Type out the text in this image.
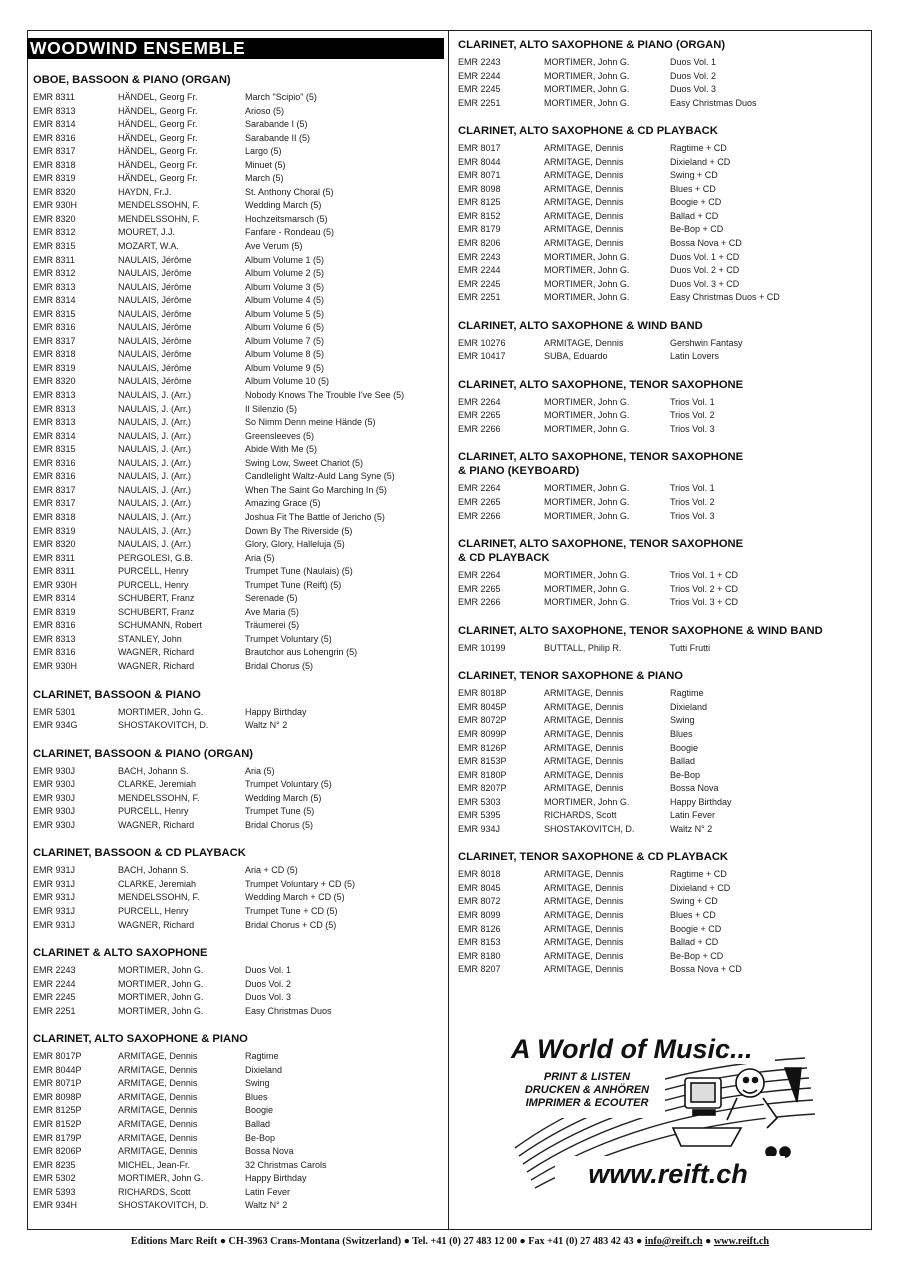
WOODWIND ENSEMBLE
OBOE, BASSOON & PIANO (ORGAN)
EMR 8311	HÄNDEL, Georg Fr.	March "Scipio" (5)
EMR 8313	HÄNDEL, Georg Fr.	Arioso (5)
EMR 8314	HÄNDEL, Georg Fr.	Sarabande I (5)
EMR 8316	HÄNDEL, Georg Fr.	Sarabande II (5)
EMR 8317	HÄNDEL, Georg Fr.	Largo (5)
EMR 8318	HÄNDEL, Georg Fr.	Minuet (5)
EMR 8319	HÄNDEL, Georg Fr.	March (5)
EMR 8320	HAYDN, Fr.J.	St. Anthony Choral (5)
EMR 930H	MENDELSSOHN, F.	Wedding March (5)
EMR 8320	MENDELSSOHN, F.	Hochzeitsmarsch (5)
EMR 8312	MOURET, J.J.	Fanfare - Rondeau (5)
EMR 8315	MOZART, W.A.	Ave Verum (5)
EMR 8311	NAULAIS, Jérôme	Album Volume 1 (5)
EMR 8312	NAULAIS, Jérôme	Album Volume 2 (5)
EMR 8313	NAULAIS, Jérôme	Album Volume 3 (5)
EMR 8314	NAULAIS, Jérôme	Album Volume 4 (5)
EMR 8315	NAULAIS, Jérôme	Album Volume 5 (5)
EMR 8316	NAULAIS, Jérôme	Album Volume 6 (5)
EMR 8317	NAULAIS, Jérôme	Album Volume 7 (5)
EMR 8318	NAULAIS, Jérôme	Album Volume 8 (5)
EMR 8319	NAULAIS, Jérôme	Album Volume 9 (5)
EMR 8320	NAULAIS, Jérôme	Album Volume 10 (5)
EMR 8313	NAULAIS, J. (Arr.)	Nobody Knows The Trouble I've See (5)
EMR 8313	NAULAIS, J. (Arr.)	Il Silenzio (5)
EMR 8313	NAULAIS, J. (Arr.)	So Nimm Denn meine Hände (5)
EMR 8314	NAULAIS, J. (Arr.)	Greensleeves (5)
EMR 8315	NAULAIS, J. (Arr.)	Abide With Me (5)
EMR 8316	NAULAIS, J. (Arr.)	Swing Low, Sweet Chariot (5)
EMR 8316	NAULAIS, J. (Arr.)	Candlelight Waltz-Auld Lang Syne (5)
EMR 8317	NAULAIS, J. (Arr.)	When The Saint Go Marching In (5)
EMR 8317	NAULAIS, J. (Arr.)	Amazing Grace (5)
EMR 8318	NAULAIS, J. (Arr.)	Joshua Fit The Battle of Jericho (5)
EMR 8319	NAULAIS, J. (Arr.)	Down By The Riverside (5)
EMR 8320	NAULAIS, J. (Arr.)	Glory, Glory, Halleluja (5)
EMR 8311	PERGOLESI, G.B.	Aria (5)
EMR 8311	PURCELL, Henry	Trumpet Tune (Naulais) (5)
EMR 930H	PURCELL, Henry	Trumpet Tune (Reift) (5)
EMR 8314	SCHUBERT, Franz	Serenade (5)
EMR 8319	SCHUBERT, Franz	Ave Maria (5)
EMR 8316	SCHUMANN, Robert	Träumerei (5)
EMR 8313	STANLEY, John	Trumpet Voluntary (5)
EMR 8316	WAGNER, Richard	Brautchor aus Lohengrin (5)
EMR 930H	WAGNER, Richard	Bridal Chorus (5)
CLARINET, BASSOON & PIANO
EMR 5301	MORTIMER, John G.	Happy Birthday
EMR 934G	SHOSTAKOVITCH, D.	Waltz N° 2
CLARINET, BASSOON & PIANO (ORGAN)
EMR 930J	BACH, Johann S.	Aria (5)
EMR 930J	CLARKE, Jeremiah	Trumpet Voluntary (5)
EMR 930J	MENDELSSOHN, F.	Wedding March (5)
EMR 930J	PURCELL, Henry	Trumpet Tune (5)
EMR 930J	WAGNER, Richard	Bridal Chorus (5)
CLARINET, BASSOON & CD PLAYBACK
EMR 931J	BACH, Johann S.	Aria + CD (5)
EMR 931J	CLARKE, Jeremiah	Trumpet Voluntary + CD (5)
EMR 931J	MENDELSSOHN, F.	Wedding March + CD (5)
EMR 931J	PURCELL, Henry	Trumpet Tune + CD (5)
EMR 931J	WAGNER, Richard	Bridal Chorus + CD (5)
CLARINET & ALTO SAXOPHONE
EMR 2243	MORTIMER, John G.	Duos Vol. 1
EMR 2244	MORTIMER, John G.	Duos Vol. 2
EMR 2245	MORTIMER, John G.	Duos Vol. 3
EMR 2251	MORTIMER, John G.	Easy Christmas Duos
CLARINET, ALTO SAXOPHONE & PIANO
EMR 8017P	ARMITAGE, Dennis	Ragtime
EMR 8044P	ARMITAGE, Dennis	Dixieland
EMR 8071P	ARMITAGE, Dennis	Swing
EMR 8098P	ARMITAGE, Dennis	Blues
EMR 8125P	ARMITAGE, Dennis	Boogie
EMR 8152P	ARMITAGE, Dennis	Ballad
EMR 8179P	ARMITAGE, Dennis	Be-Bop
EMR 8206P	ARMITAGE, Dennis	Bossa Nova
EMR 8235	MICHEL, Jean-Fr.	32 Christmas Carols
EMR 5302	MORTIMER, John G.	Happy Birthday
EMR 5393	RICHARDS, Scott	Latin Fever
EMR 934H	SHOSTAKOVITCH, D.	Waltz N° 2
CLARINET, ALTO SAXOPHONE & PIANO (ORGAN)
EMR 2243	MORTIMER, John G.	Duos Vol. 1
EMR 2244	MORTIMER, John G.	Duos Vol. 2
EMR 2245	MORTIMER, John G.	Duos Vol. 3
EMR 2251	MORTIMER, John G.	Easy Christmas Duos
CLARINET, ALTO SAXOPHONE & CD PLAYBACK
EMR 8017	ARMITAGE, Dennis	Ragtime + CD
EMR 8044	ARMITAGE, Dennis	Dixieland + CD
EMR 8071	ARMITAGE, Dennis	Swing + CD
EMR 8098	ARMITAGE, Dennis	Blues + CD
EMR 8125	ARMITAGE, Dennis	Boogie + CD
EMR 8152	ARMITAGE, Dennis	Ballad + CD
EMR 8179	ARMITAGE, Dennis	Be-Bop + CD
EMR 8206	ARMITAGE, Dennis	Bossa Nova + CD
EMR 2243	MORTIMER, John G.	Duos Vol. 1 + CD
EMR 2244	MORTIMER, John G.	Duos Vol. 2 + CD
EMR 2245	MORTIMER, John G.	Duos Vol. 3 + CD
EMR 2251	MORTIMER, John G.	Easy Christmas Duos + CD
CLARINET, ALTO SAXOPHONE & WIND BAND
EMR 10276	ARMITAGE, Dennis	Gershwin Fantasy
EMR 10417	SUBA, Eduardo	Latin Lovers
CLARINET, ALTO SAXOPHONE, TENOR SAXOPHONE
EMR 2264	MORTIMER, John G.	Trios Vol. 1
EMR 2265	MORTIMER, John G.	Trios Vol. 2
EMR 2266	MORTIMER, John G.	Trios Vol. 3
CLARINET, ALTO SAXOPHONE, TENOR SAXOPHONE
& PIANO (KEYBOARD)
EMR 2264	MORTIMER, John G.	Trios Vol. 1
EMR 2265	MORTIMER, John G.	Trios Vol. 2
EMR 2266	MORTIMER, John G.	Trios Vol. 3
CLARINET, ALTO SAXOPHONE, TENOR SAXOPHONE
& CD PLAYBACK
EMR 2264	MORTIMER, John G.	Trios Vol. 1 + CD
EMR 2265	MORTIMER, John G.	Trios Vol. 2 + CD
EMR 2266	MORTIMER, John G.	Trios Vol. 3 + CD
CLARINET, ALTO SAXOPHONE, TENOR SAXOPHONE & WIND BAND
EMR 10199	BUTTALL, Philip R.	Tutti Frutti
CLARINET, TENOR SAXOPHONE & PIANO
EMR 8018P	ARMITAGE, Dennis	Ragtime
EMR 8045P	ARMITAGE, Dennis	Dixieland
EMR 8072P	ARMITAGE, Dennis	Swing
EMR 8099P	ARMITAGE, Dennis	Blues
EMR 8126P	ARMITAGE, Dennis	Boogie
EMR 8153P	ARMITAGE, Dennis	Ballad
EMR 8180P	ARMITAGE, Dennis	Be-Bop
EMR 8207P	ARMITAGE, Dennis	Bossa Nova
EMR 5303	MORTIMER, John G.	Happy Birthday
EMR 5395	RICHARDS, Scott	Latin Fever
EMR 934J	SHOSTAKOVITCH, D.	Waltz N° 2
CLARINET, TENOR SAXOPHONE & CD PLAYBACK
EMR 8018	ARMITAGE, Dennis	Ragtime + CD
EMR 8045	ARMITAGE, Dennis	Dixieland + CD
EMR 8072	ARMITAGE, Dennis	Swing + CD
EMR 8099	ARMITAGE, Dennis	Blues + CD
EMR 8126	ARMITAGE, Dennis	Boogie + CD
EMR 8153	ARMITAGE, Dennis	Ballad + CD
EMR 8180	ARMITAGE, Dennis	Be-Bop + CD
EMR 8207	ARMITAGE, Dennis	Bossa Nova + CD
A World of Music...
PRINT & LISTEN
DRUCKEN & ANHÖREN
IMPRIMER & ECOUTER
www.reift.ch
Editions Marc Reift ● CH-3963 Crans-Montana (Switzerland) ● Tel. +41 (0) 27 483 12 00 ● Fax +41 (0) 27 483 42 43 ● info@reift.ch ● www.reift.ch
